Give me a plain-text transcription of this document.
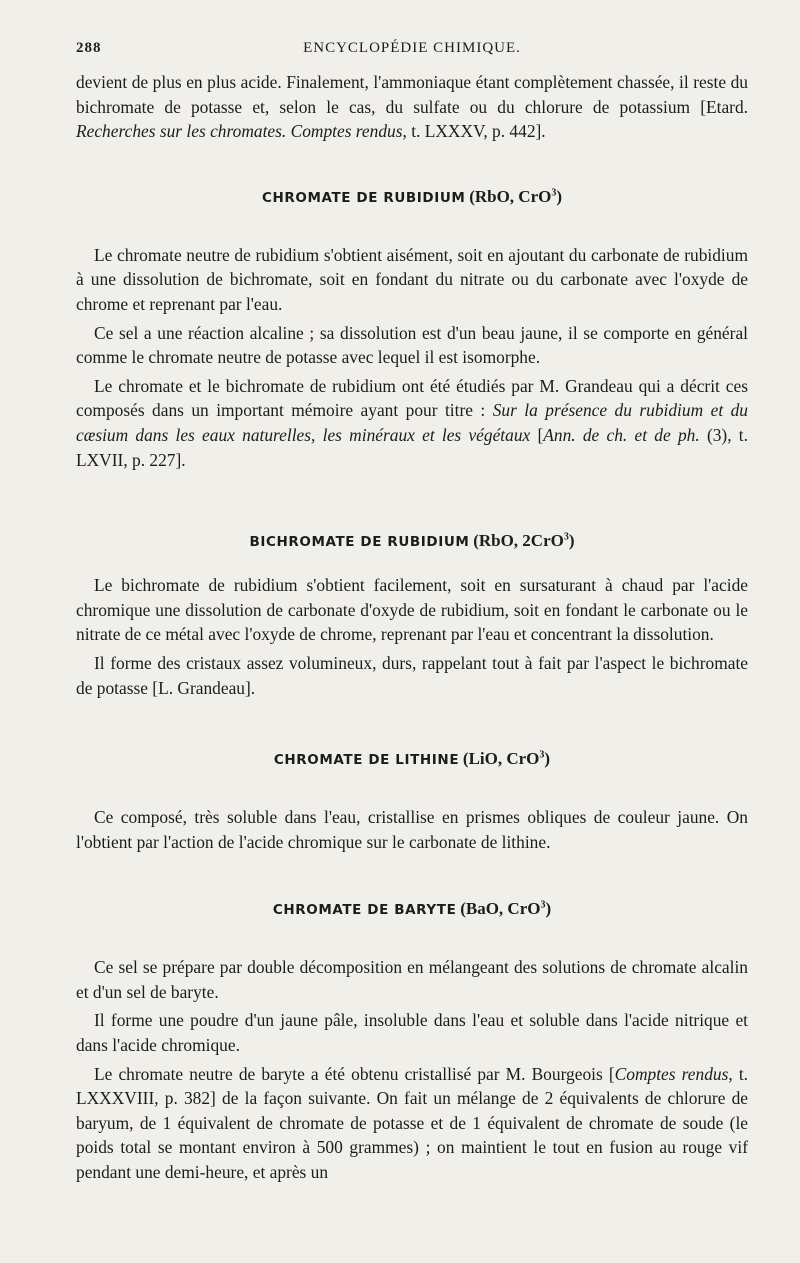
288	ENCYCLOPÉDIE CHIMIQUE.

devient de plus en plus acide. Finalement, l'ammoniaque étant complètement chassée, il reste du bichromate de potasse et, selon le cas, du sulfate ou du chlorure de potassium [Etard. Recherches sur les chromates. Comptes rendus, t. LXXXV, p. 442].

CHROMATE DE RUBIDIUM (RbO, CrO$^3$)

Le chromate neutre de rubidium s'obtient aisément, soit en ajoutant du carbonate de rubidium à une dissolution de bichromate, soit en fondant du nitrate ou du carbonate avec l'oxyde de chrome et reprenant par l'eau.

Ce sel a une réaction alcaline ; sa dissolution est d'un beau jaune, il se comporte en général comme le chromate neutre de potasse avec lequel il est isomorphe.

Le chromate et le bichromate de rubidium ont été étudiés par M. Grandeau qui a décrit ces composés dans un important mémoire ayant pour titre : Sur la présence du rubidium et du cæsium dans les eaux naturelles, les minéraux et les végétaux [Ann. de ch. et de ph. (3), t. LXVII, p. 227].

BICHROMATE DE RUBIDIUM (RbO, 2CrO$^3$)

Le bichromate de rubidium s'obtient facilement, soit en sursaturant à chaud par l'acide chromique une dissolution de carbonate d'oxyde de rubidium, soit en fondant le carbonate ou le nitrate de ce métal avec l'oxyde de chrome, reprenant par l'eau et concentrant la dissolution.

Il forme des cristaux assez volumineux, durs, rappelant tout à fait par l'aspect le bichromate de potasse [L. Grandeau].

CHROMATE DE LITHINE (LiO, CrO$^3$)

Ce composé, très soluble dans l'eau, cristallise en prismes obliques de couleur jaune. On l'obtient par l'action de l'acide chromique sur le carbonate de lithine.

CHROMATE DE BARYTE (BaO, CrO$^3$)

Ce sel se prépare par double décomposition en mélangeant des solutions de chromate alcalin et d'un sel de baryte.

Il forme une poudre d'un jaune pâle, insoluble dans l'eau et soluble dans l'acide nitrique et dans l'acide chromique.

Le chromate neutre de baryte a été obtenu cristallisé par M. Bourgeois [Comptes rendus, t. LXXXVIII, p. 382] de la façon suivante. On fait un mélange de 2 équivalents de chlorure de baryum, de 1 équivalent de chromate de potasse et de 1 équivalent de chromate de soude (le poids total se montant environ à 500 grammes) ; on maintient le tout en fusion au rouge vif pendant une demi-heure, et après un
